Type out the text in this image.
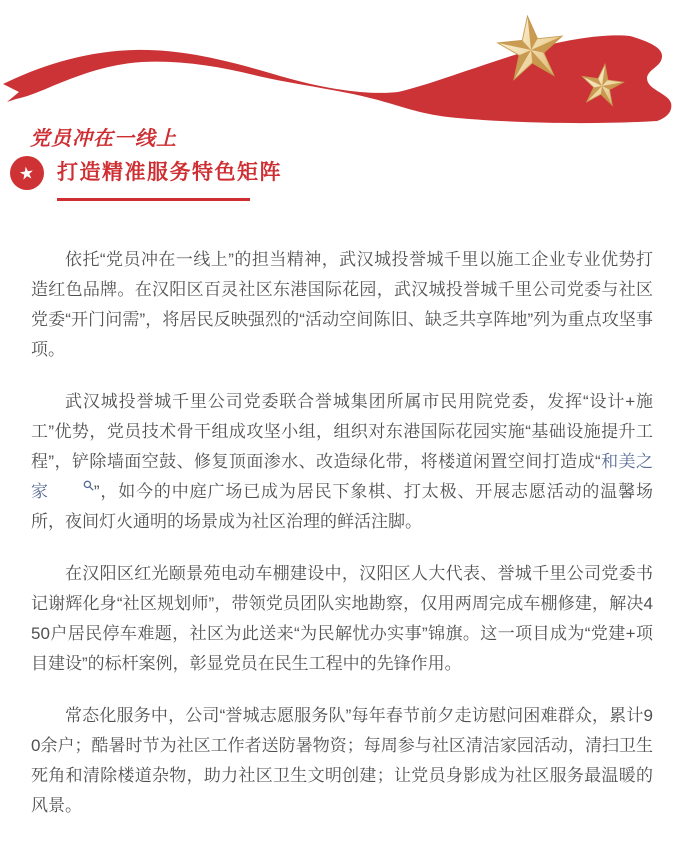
党员冲在一线上
★ 打造精准服务特色矩阵

依托“党员冲在一线上”的担当精神，武汉城投誉城千里以施工企业专业优势打造红色品牌。在汉阳区百灵社区东港国际花园，武汉城投誉城千里公司党委与社区党委“开门问需”，将居民反映强烈的“活动空间陈旧、缺乏共享阵地”列为重点攻坚事项。

武汉城投誉城千里公司党委联合誉城集团所属市民用院党委，发挥“设计+施工”优势，党员技术骨干组成攻坚小组，组织对东港国际花园实施“基础设施提升工程”，铲除墙面空鼓、修复顶面渗水、改造绿化带，将楼道闲置空间打造成“和美之家	”，如今的中庭广场已成为居民下象棋、打太极、开展志愿活动的温馨场所，夜间灯火通明的场景成为社区治理的鲜活注脚。

在汉阳区红光颐景苑电动车棚建设中，汉阳区人大代表、誉城千里公司党委书记谢辉化身“社区规划师”，带领党员团队实地勘察，仅用两周完成车棚修建，解决450户居民停车难题，社区为此送来“为民解忧办实事”锦旗。这一项目成为“党建+项目建设”的标杆案例，彰显党员在民生工程中的先锋作用。

常态化服务中，公司“誉城志愿服务队”每年春节前夕走访慰问困难群众，累计90余户；酷暑时节为社区工作者送防暑物资；每周参与社区清洁家园活动，清扫卫生死角和清除楼道杂物，助力社区卫生文明创建；让党员身影成为社区服务最温暖的风景。
